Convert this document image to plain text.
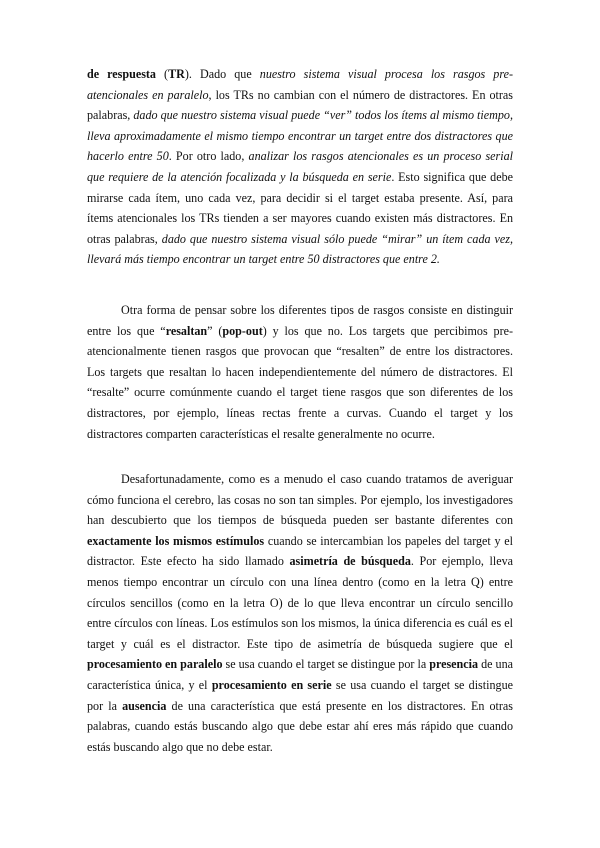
de respuesta (TR). Dado que nuestro sistema visual procesa los rasgos pre-atencionales en paralelo, los TRs no cambian con el número de distractores. En otras palabras, dado que nuestro sistema visual puede “ver” todos los ítems al mismo tiempo, lleva aproximadamente el mismo tiempo encontrar un target entre dos distractores que hacerlo entre 50. Por otro lado, analizar los rasgos atencionales es un proceso serial que requiere de la atención focalizada y la búsqueda en serie. Esto significa que debe mirarse cada ítem, uno cada vez, para decidir si el target estaba presente. Así, para ítems atencionales los TRs tienden a ser mayores cuando existen más distractores. En otras palabras, dado que nuestro sistema visual sólo puede “mirar” un ítem cada vez, llevará más tiempo encontrar un target entre 50 distractores que entre 2.

Otra forma de pensar sobre los diferentes tipos de rasgos consiste en distinguir entre los que “resaltan” (pop-out) y los que no. Los targets que percibimos pre-atencionalmente tienen rasgos que provocan que “resalten” de entre los distractores. Los targets que resaltan lo hacen independientemente del número de distractores. El “resalte” ocurre comúnmente cuando el target tiene rasgos que son diferentes de los distractores, por ejemplo, líneas rectas frente a curvas. Cuando el target y los distractores comparten características el resalte generalmente no ocurre.

Desafortunadamente, como es a menudo el caso cuando tratamos de averiguar cómo funciona el cerebro, las cosas no son tan simples. Por ejemplo, los investigadores han descubierto que los tiempos de búsqueda pueden ser bastante diferentes con exactamente los mismos estímulos cuando se intercambian los papeles del target y el distractor. Este efecto ha sido llamado asimetría de búsqueda. Por ejemplo, lleva menos tiempo encontrar un círculo con una línea dentro (como en la letra Q) entre círculos sencillos (como en la letra O) de lo que lleva encontrar un círculo sencillo entre círculos con líneas. Los estímulos son los mismos, la única diferencia es cuál es el target y cuál es el distractor. Este tipo de asimetría de búsqueda sugiere que el procesamiento en paralelo se usa cuando el target se distingue por la presencia de una característica única, y el procesamiento en serie se usa cuando el target se distingue por la ausencia de una característica que está presente en los distractores. En otras palabras, cuando estás buscando algo que debe estar ahí eres más rápido que cuando estás buscando algo que no debe estar.
